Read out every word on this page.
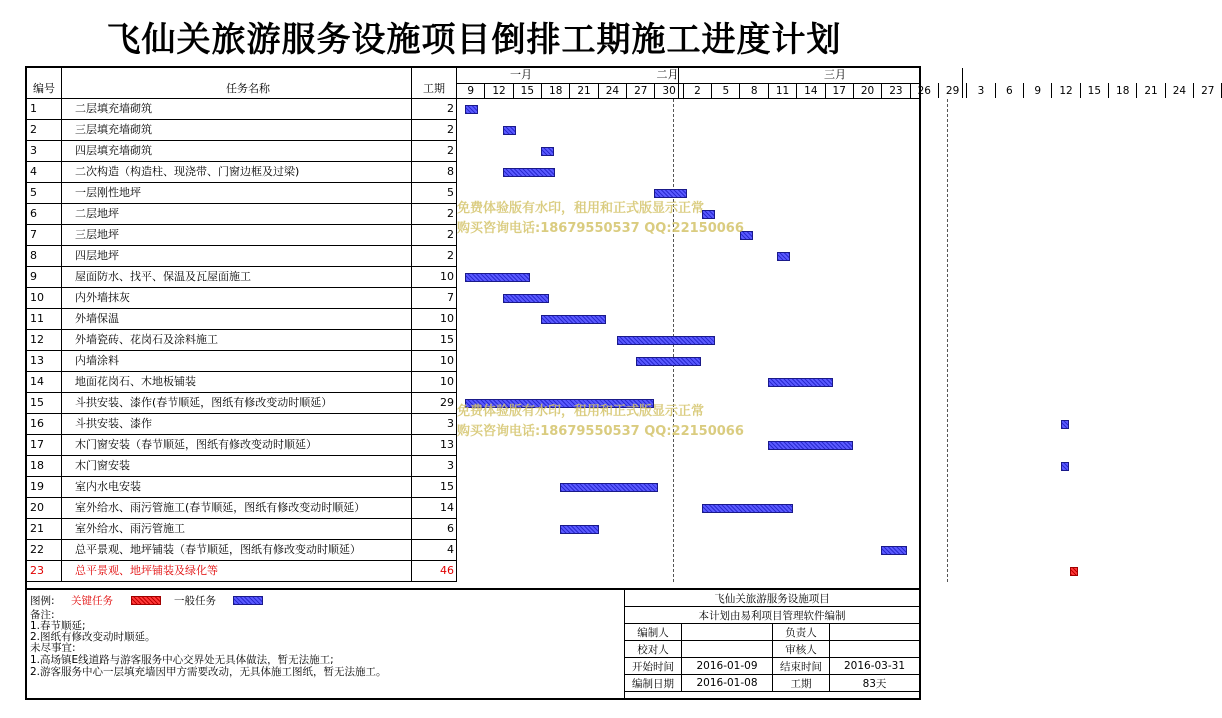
飞仙关旅游服务设施项目倒排工期施工进度计划
编号	任务名称	工期
一月	二月	三月
9	12	15	18	21	24	27	30	2	5	8	11	14	17	20	23	26	29	3	6	9	12	15	18	21	24	27
1	二层填充墙砌筑	2
2	三层填充墙砌筑	2
3	四层填充墙砌筑	2
4	二次构造（构造柱、现浇带、门窗边框及过梁)	8
5	一层刚性地坪	5
6	二层地坪	2
7	三层地坪	2
8	四层地坪	2
9	屋面防水、找平、保温及瓦屋面施工	10
10	内外墙抹灰	7
11	外墙保温	10
12	外墙瓷砖、花岗石及涂料施工	15
13	内墙涂料	10
14	地面花岗石、木地板铺装	10
15	斗拱安装、漆作(春节顺延，图纸有修改变动时顺延）	29
16	斗拱安装、漆作	3
17	木门窗安装（春节顺延，图纸有修改变动时顺延）	13
18	木门窗安装	3
19	室内水电安装	15
20	室外给水、雨污管施工(春节顺延，图纸有修改变动时顺延）	14
21	室外给水、雨污管施工	6
22	总平景观、地坪铺装（春节顺延，图纸有修改变动时顺延）	4
23	总平景观、地坪铺装及绿化等	46
免费体验版有水印，租用和正式版显示正常
购买咨询电话:18679550537 QQ:22150066
免费体验版有水印，租用和正式版显示正常
购买咨询电话:18679550537 QQ:22150066
图例: 关键任务	一般任务
备注:
1.春节顺延;
2.图纸有修改变动时顺延。
未尽事宜:
1.高场镇E线道路与游客服务中心交界处无具体做法，暂无法施工;
2.游客服务中心一层填充墙因甲方需要改动，无具体施工图纸，暂无法施工。
飞仙关旅游服务设施项目			
本计划由易利项目管理软件编制			
编制人		负责人	
校对人		审核人	
开始时间	2016-01-09	结束时间	2016-03-31
编制日期	2016-01-08	工期	83天
